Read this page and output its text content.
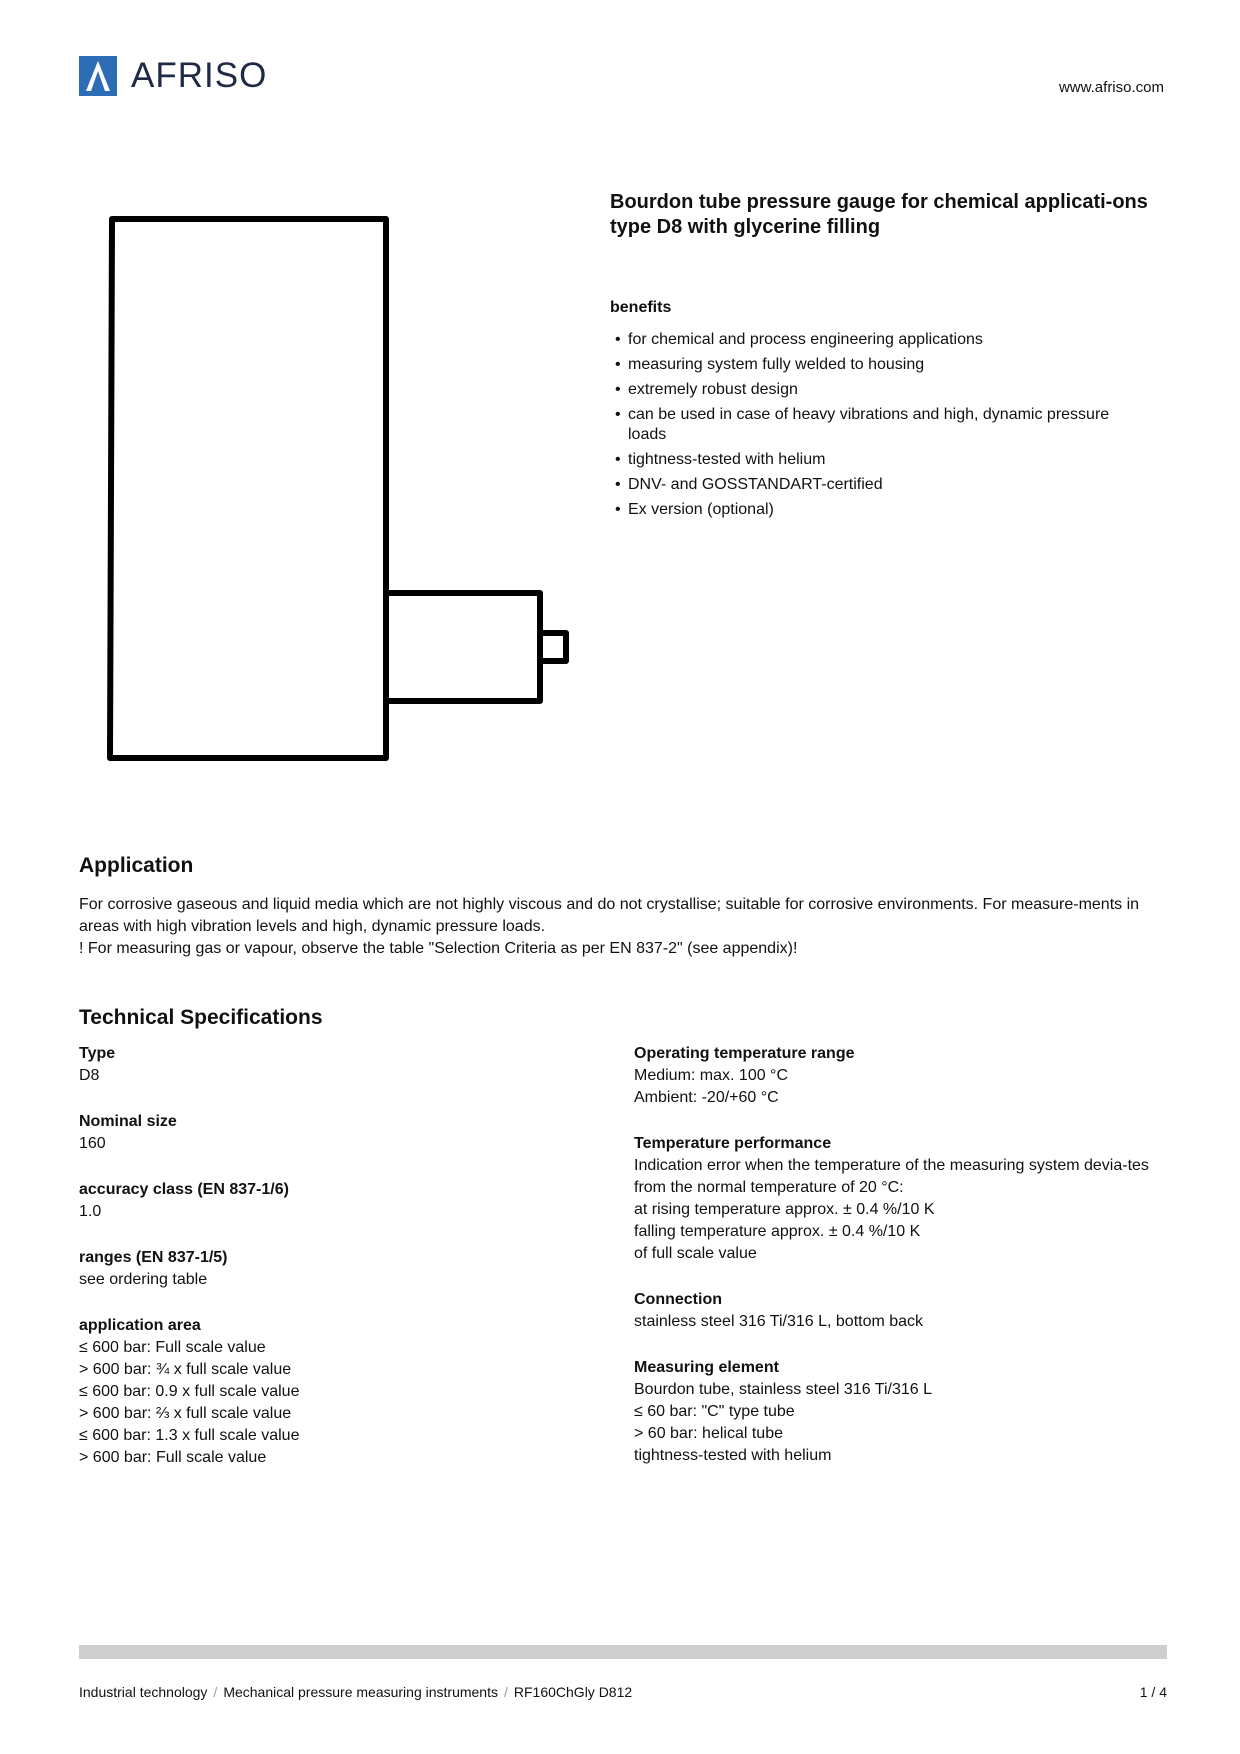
AFRISO	www.afriso.com
Bourdon tube pressure gauge for chemical applicati-ons type D8 with glycerine filling
benefits
• for chemical and process engineering applications
• measuring system fully welded to housing
• extremely robust design
• can be used in case of heavy vibrations and high, dynamic pressure loads
• tightness-tested with helium
• DNV- and GOSSTANDART-certified
• Ex version (optional)
Application

For corrosive gaseous and liquid media which are not highly viscous and do not crystallise; suitable for corrosive environments. For measure-ments in areas with high vibration levels and high, dynamic pressure loads.

! For measuring gas or vapour, observe the table "Selection Criteria as per EN 837-2" (see appendix)!

Technical Specifications
Type
D8
Nominal size
160
accuracy class (EN 837-1/6)
1.0
ranges (EN 837-1/5)
see ordering table
application area
≤ 600 bar: Full scale value
> 600 bar: ¾ x full scale value
≤ 600 bar: 0.9 x full scale value
> 600 bar: ⅔ x full scale value
≤ 600 bar: 1.3 x full scale value
> 600 bar: Full scale value
Operating temperature range
Medium: max. 100 °C
Ambient: -20/+60 °C
Temperature performance
Indication error when the temperature of the measuring system devia-tes from the normal temperature of 20 °C:
at rising temperature approx. ± 0.4 %/10 K
falling temperature approx. ± 0.4 %/10 K
of full scale value
Connection
stainless steel 316 Ti/316 L, bottom back
Measuring element
Bourdon tube, stainless steel 316 Ti/316 L
≤ 60 bar: "C" type tube
> 60 bar: helical tube
tightness-tested with helium
Industrial technology / Mechanical pressure measuring instruments / RF160ChGly D812	1 / 4
